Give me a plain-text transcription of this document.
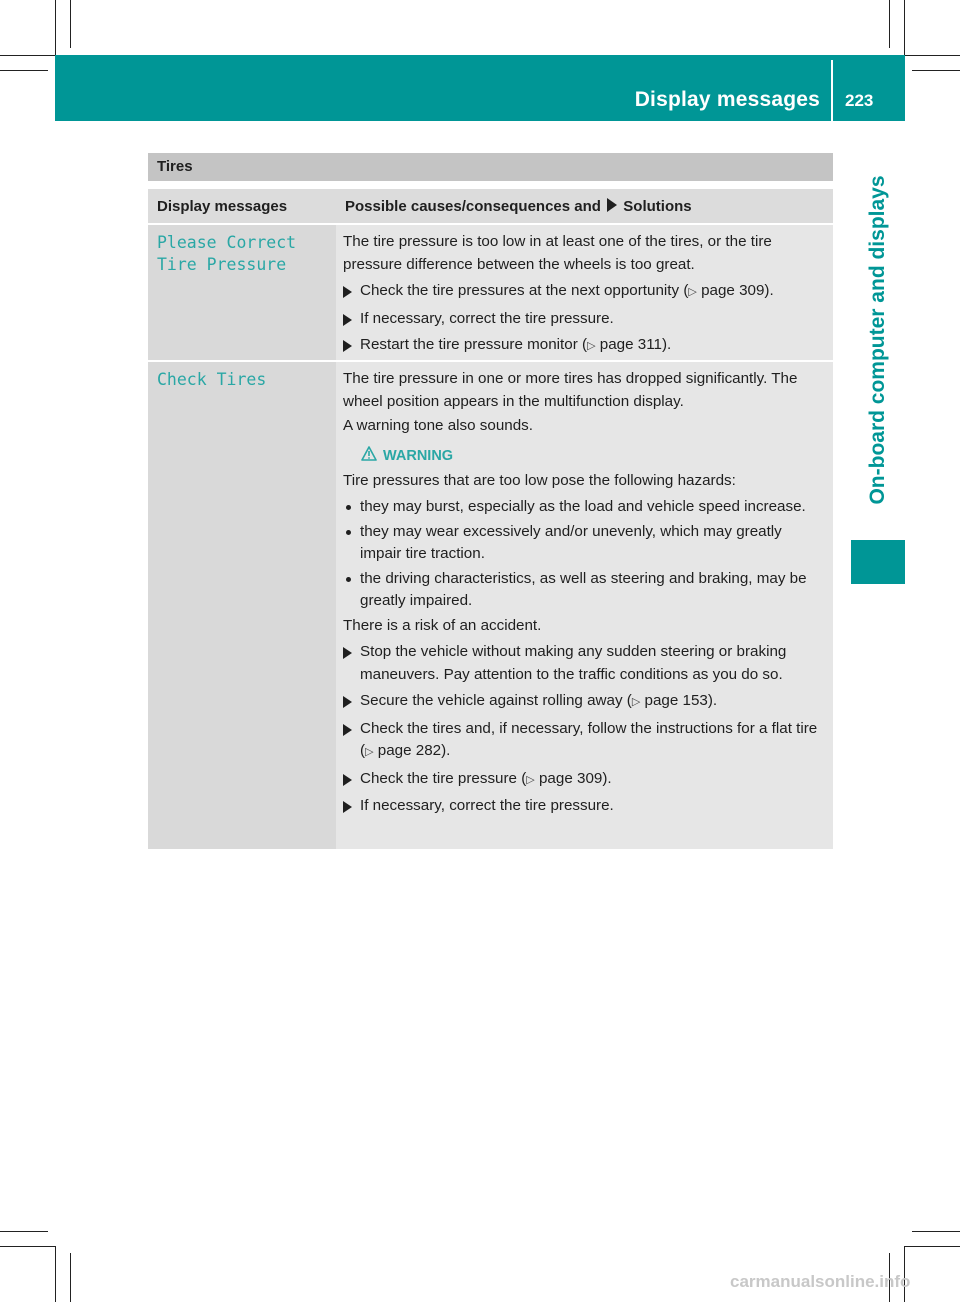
Display messages 223
On-board computer and displays
Tires
Display messages	Possible causes/consequences and Solutions
Please Correct
Tire Pressure

The tire pressure is too low in at least one of the tires, or the tire pressure difference between the wheels is too great.

Check the tire pressures at the next opportunity (▷ page 309).
If necessary, correct the tire pressure.
Restart the tire pressure monitor (▷ page 311).
Check Tires	The tire pressure in one or more tires has dropped significantly. The wheel position appears in the multifunction display.

A warning tone also sounds.

WARNING

Tire pressures that are too low pose the following hazards:

they may burst, especially as the load and vehicle speed increase.
they may wear excessively and/or unevenly, which may greatly impair tire traction.
the driving characteristics, as well as steering and braking, may be greatly impaired.

There is a risk of an accident.

Stop the vehicle without making any sudden steering or braking maneuvers. Pay attention to the traffic conditions as you do so.
Secure the vehicle against rolling away (▷ page 153).
Check the tires and, if necessary, follow the instructions for a flat tire (▷ page 282).
Check the tire pressure (▷ page 309).
If necessary, correct the tire pressure.
carmanualsonline.info
